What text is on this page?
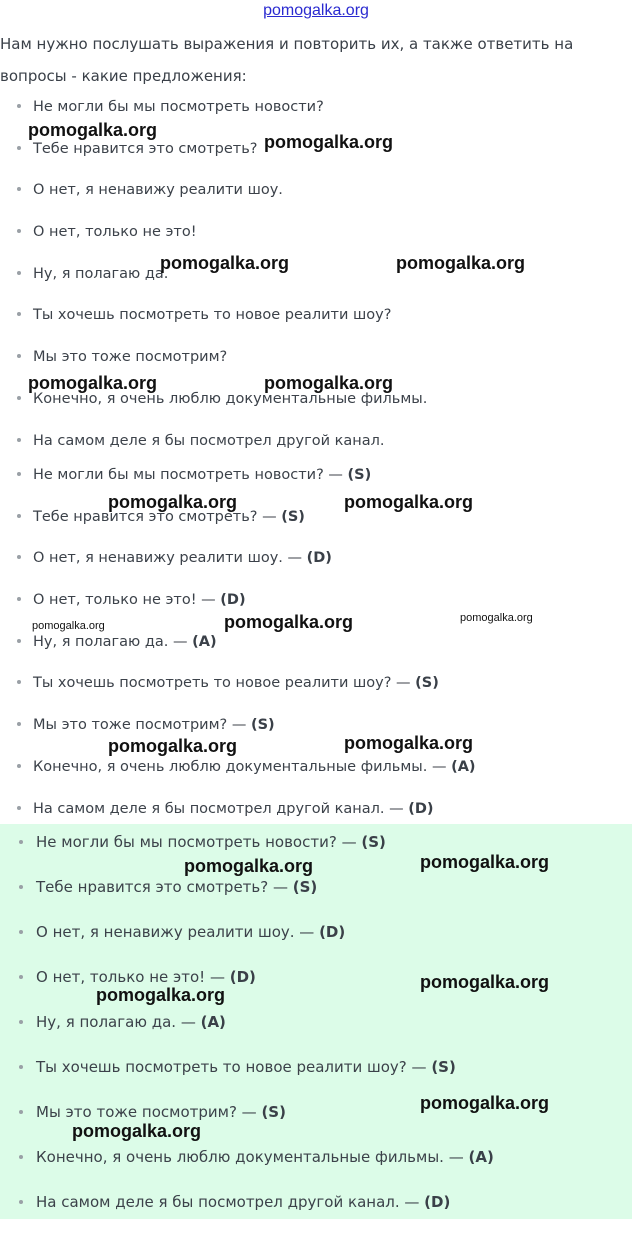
pomogalka.org
Нам нужно послушать выражения и повторить их, а также ответить на вопросы - какие предложения:
Не могли бы мы посмотреть новости?
Тебе нравится это смотреть?
О нет, я ненавижу реалити шоу.
О нет, только не это!
Ну, я полагаю да.
Ты хочешь посмотреть то новое реалити шоу?
Мы это тоже посмотрим?
Конечно, я очень люблю документальные фильмы.
На самом деле я бы посмотрел другой канал.
Не могли бы мы посмотреть новости? — (S)
Тебе нравится это смотреть? — (S)
О нет, я ненавижу реалити шоу. — (D)
О нет, только не это! — (D)
Ну, я полагаю да. — (A)
Ты хочешь посмотреть то новое реалити шоу? — (S)
Мы это тоже посмотрим? — (S)
Конечно, я очень люблю документальные фильмы. — (A)
На самом деле я бы посмотрел другой канал. — (D)
Не могли бы мы посмотреть новости? — (S)
Тебе нравится это смотреть? — (S)
О нет, я ненавижу реалити шоу. — (D)
О нет, только не это! — (D)
Ну, я полагаю да. — (A)
Ты хочешь посмотреть то новое реалити шоу? — (S)
Мы это тоже посмотрим? — (S)
Конечно, я очень люблю документальные фильмы. — (A)
На самом деле я бы посмотрел другой канал. — (D)
pomogalka.org
pomogalka.org
pomogalka.org	pomogalka.org
pomogalka.org	pomogalka.org
pomogalka.org	pomogalka.org
pomogalka.org	pomogalka.org	pomogalka.org
pomogalka.org	pomogalka.org
pomogalka.org	pomogalka.org
pomogalka.org
pomogalka.org
pomogalka.org
pomogalka.org
